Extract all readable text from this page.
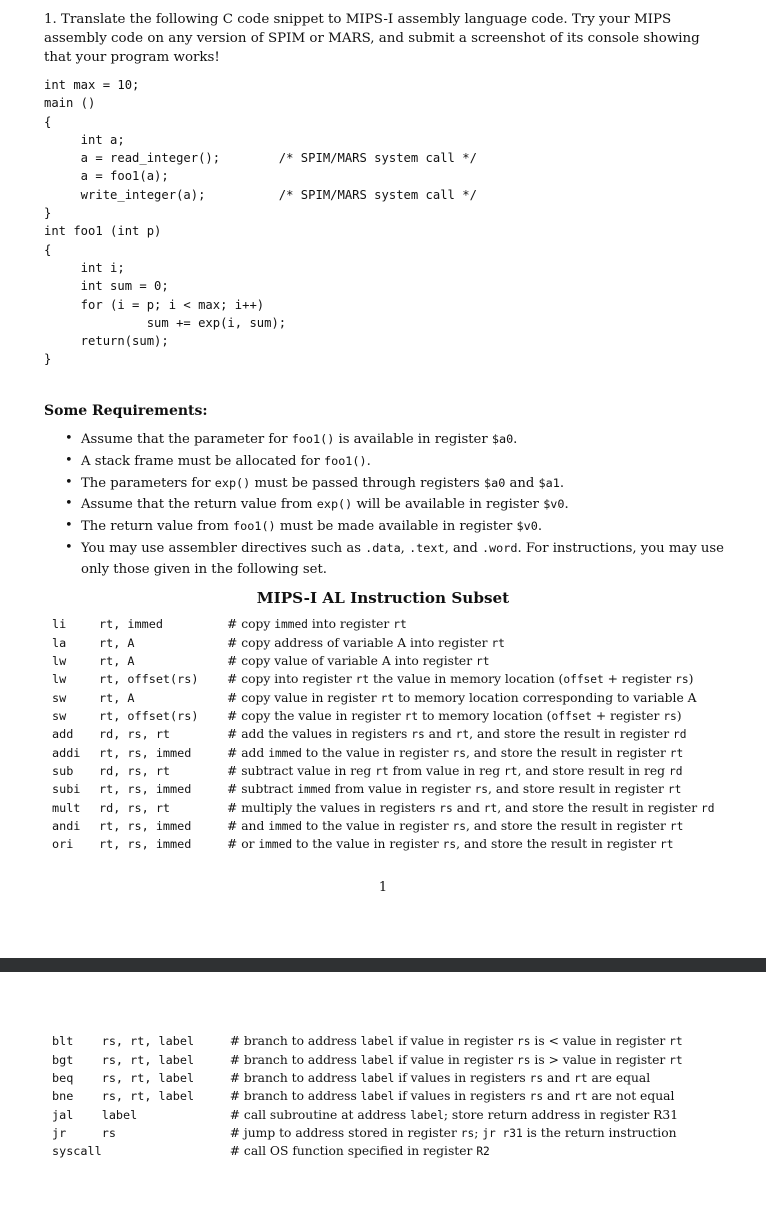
1. Translate the following C code snippet to MIPS-I assembly language code. Try your MIPS assembly code on any version of SPIM or MARS, and submit a screenshot of its console showing that your program works!
int max = 10;
main ()
{
int a;
a = read_integer();        /* SPIM/MARS system call */
a = foo1(a);
write_integer(a);          /* SPIM/MARS system call */
}
int foo1 (int p)
{
int i;
int sum = 0;
for (i = p; i < max; i++)
sum += exp(i, sum);
return(sum);
}
Some Requirements:
• Assume that the parameter for foo1() is available in register $a0.
• A stack frame must be allocated for foo1().
• The parameters for exp() must be passed through registers $a0 and $a1.
• Assume that the return value from exp() will be available in register $v0.
• The return value from foo1() must be made available in register $v0.
• You may use assembler directives such as .data, .text, and .word. For instructions, you may use only those given in the following set.
MIPS-I AL Instruction Subset
li	rt, immed	# copy immed into register rt
la	rt, A	# copy address of variable A into register rt
lw	rt, A	# copy value of variable A into register rt
lw	rt, offset(rs)	# copy into register rt the value in memory location (offset + register rs)
sw	rt, A	# copy value in register rt to memory location corresponding to variable A
sw	rt, offset(rs)	# copy the value in register rt to memory location (offset + register rs)
add	rd, rs, rt	# add the values in registers rs and rt, and store the result in register rd
addi	rt, rs, immed	# add immed to the value in register rs, and store the result in register rt
sub	rd, rs, rt	# subtract value in reg rt from value in reg rt, and store result in reg rd
subi	rt, rs, immed	# subtract immed from value in register rs, and store result in register rt
mult	rd, rs, rt	# multiply the values in registers rs and rt, and store the result in register rd
andi	rt, rs, immed	# and immed to the value in register rs, and store the result in register rt
ori	rt, rs, immed	# or immed to the value in register rs, and store the result in register rt
1
blt	rs, rt, label	# branch to address label if value in register rs is < value in register rt
bgt	rs, rt, label	# branch to address label if value in register rs is > value in register rt
beq	rs, rt, label	# branch to address label if values in registers rs and rt are equal
bne	rs, rt, label	# branch to address label if values in registers rs and rt are not equal
jal	label	# call subroutine at address label; store return address in register R31
jr	rs	# jump to address stored in register rs; jr r31 is the return instruction
syscall		# call OS function specified in register R2
